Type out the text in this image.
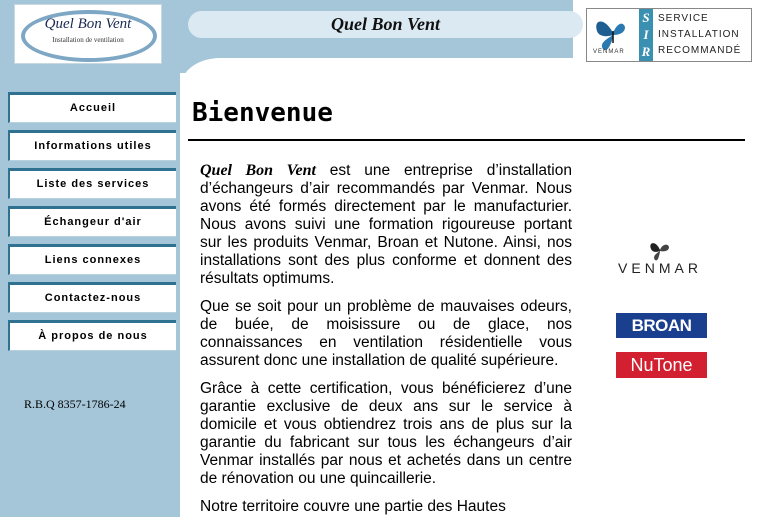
Quel Bon Vent
Installation de ventilation
Quel Bon Vent
VENMAR
S
I
R
SERVICE
INSTALLATION
RECOMMANDÉ
Accueil
Informations utiles
Liste des services
Échangeur d'air
Liens connexes
Contactez-nous
À propos de nous
R.B.Q 8357-1786-24
Bienvenue

Quel Bon Vent est une entreprise d’installation d’échangeurs d’air recommandés par Venmar. Nous avons été formés directement par le manufacturier. Nous avons suivi une formation rigoureuse portant sur les produits Venmar, Broan et Nutone. Ainsi, nos installations sont des plus conforme et donnent des résultats optimums.

Que se soit pour un problème de mauvaises odeurs, de buée, de moisissure ou de glace, nos connaissances en ventilation résidentielle vous assurent donc une installation de qualité supérieure.

Grâce à cette certification, vous bénéficierez d’une garantie exclusive de deux ans sur le service à domicile et vous obtiendrez trois ans de plus sur la garantie du fabricant sur tous les échangeurs d’air Venmar installés par nous et achetés dans un centre de rénovation ou une quincaillerie.

Notre territoire couvre une partie des Hautes

VENMAR
BROAN
NuTone
